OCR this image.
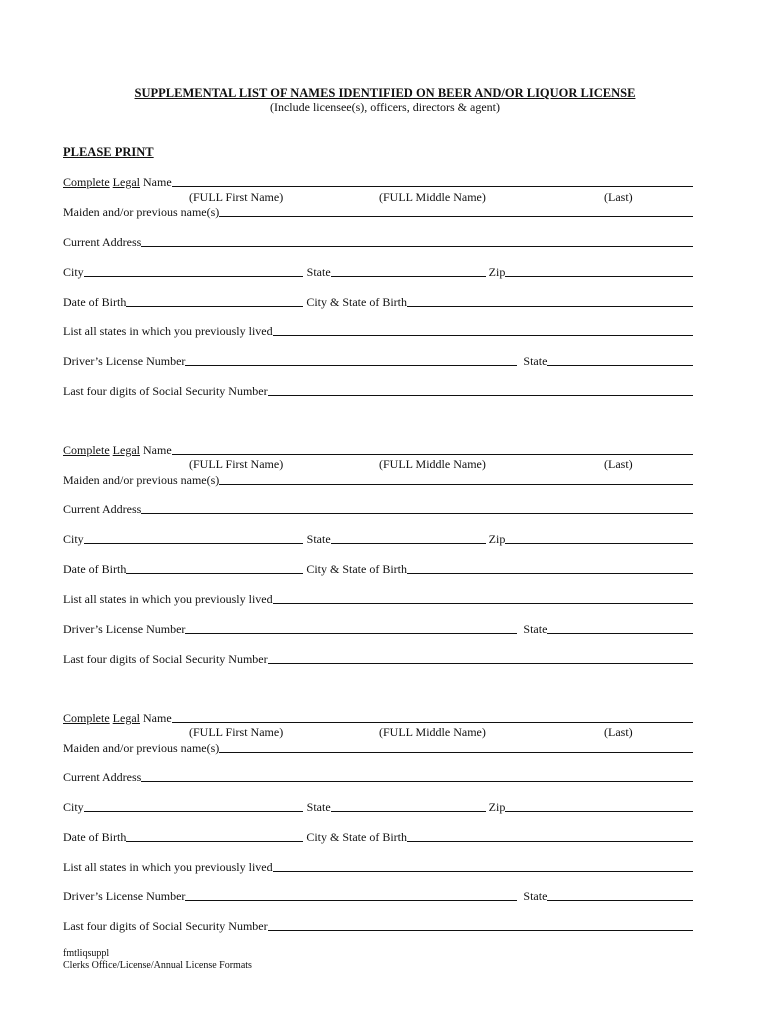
SUPPLEMENTAL LIST OF NAMES IDENTIFIED ON BEER AND/OR LIQUOR LICENSE
(Include licensee(s), officers, directors & agent)
PLEASE PRINT
Complete Legal Name
(FULL First Name)	(FULL Middle Name)	(Last)
Maiden and/or previous name(s)
Current Address
City	State	Zip
Date of Birth	City & State of Birth
List all states in which you previously lived
Driver’s License Number	State
Last four digits of Social Security Number
Complete Legal Name
(FULL First Name)	(FULL Middle Name)	(Last)
Maiden and/or previous name(s)
Current Address
City	State	Zip
Date of Birth	City & State of Birth
List all states in which you previously lived
Driver’s License Number	State
Last four digits of Social Security Number
Complete Legal Name
(FULL First Name)	(FULL Middle Name)	(Last)
Maiden and/or previous name(s)
Current Address
City	State	Zip
Date of Birth	City & State of Birth
List all states in which you previously lived
Driver’s License Number	State
Last four digits of Social Security Number
fmtliqsuppl
Clerks Office/License/Annual License Formats
